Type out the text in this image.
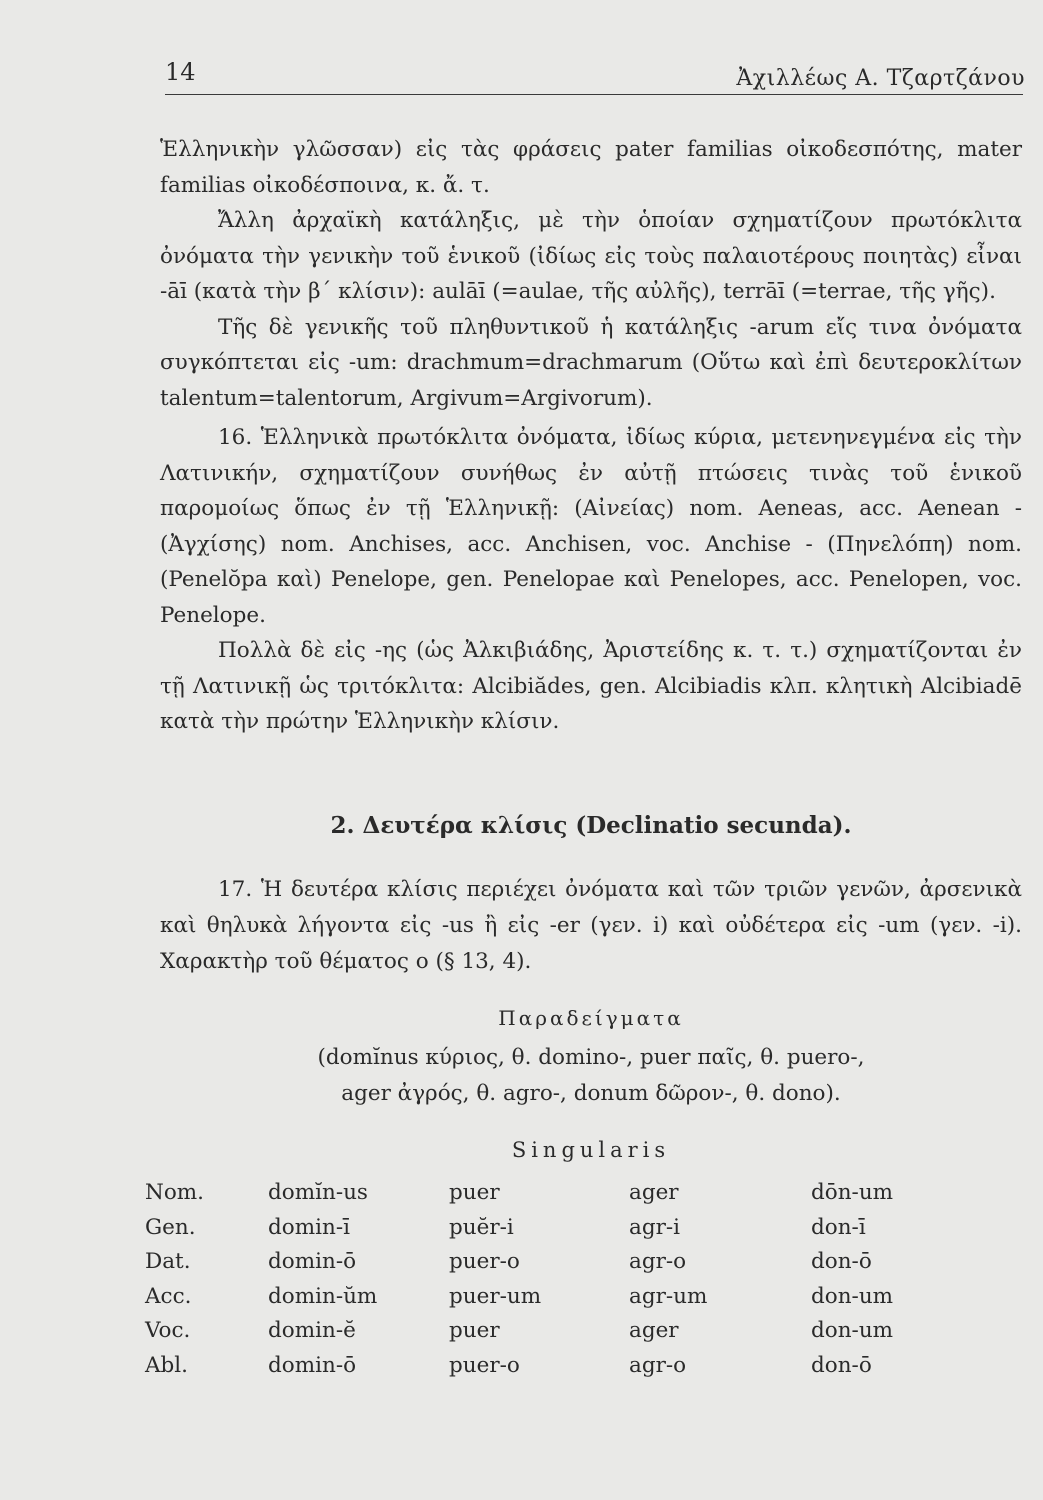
14	Ἀχιλλέως Α. Τζαρτζάνου

Ἑλληνικὴν γλῶσσαν) εἰς τὰς φράσεις pater familias οἰκοδεσπότης, mater familias οἰκοδέσποινα, κ. ἄ. τ.

Ἄλλη ἀρχαϊκὴ κατάληξις, μὲ τὴν ὁποίαν σχηματίζουν πρωτόκλιτα ὀνόματα τὴν γενικὴν τοῦ ἑνικοῦ (ἰδίως εἰς τοὺς παλαιοτέρους ποιητὰς) εἶναι -āī (κατὰ τὴν β΄ κλίσιν): aulāī (=aulae, τῆς αὐλῆς), terrāī (=terrae, τῆς γῆς).

Τῆς δὲ γενικῆς τοῦ πληθυντικοῦ ἡ κατάληξις -arum εἴς τινα ὀνόματα συγκόπτεται εἰς -um: drachmum=drachmarum (Οὕτω καὶ ἐπὶ δευτεροκλίτων talentum=talentorum, Argivum=Argivorum).

16. Ἑλληνικὰ πρωτόκλιτα ὀνόματα, ἰδίως κύρια, μετενηνεγμένα εἰς τὴν Λατινικήν, σχηματίζουν συνήθως ἐν αὐτῇ πτώσεις τινὰς τοῦ ἑνικοῦ παρομοίως ὅπως ἐν τῇ Ἑλληνικῇ: (Αἰνείας) nom. Aeneas, acc. Aenean - (Ἀγχίσης) nom. Anchises, acc. Anchisen, voc. Anchise - (Πηνελόπη) nom. (Penelŏpa καὶ) Penelope, gen. Penelopae καὶ Penelopes, acc. Penelopen, voc. Penelope.

Πολλὰ δὲ εἰς -ης (ὡς Ἀλκιβιάδης, Ἀριστείδης κ. τ. τ.) σχηματίζονται ἐν τῇ Λατινικῇ ὡς τριτόκλιτα: Alcibiădes, gen. Alcibiadis κλπ. κλητικὴ Alcibiadē κατὰ τὴν πρώτην Ἑλληνικὴν κλίσιν.

2. Δευτέρα κλίσις (Declinatio secunda).

17. Ἡ δευτέρα κλίσις περιέχει ὀνόματα καὶ τῶν τριῶν γενῶν, ἀρσενικὰ καὶ θηλυκὰ λήγοντα εἰς -us ἢ εἰς -er (γεν. i) καὶ οὐδέτερα εἰς -um (γεν. -i). Χαρακτὴρ τοῦ θέματος o (§ 13, 4).

Παραδείγματα
(domĭnus κύριος, θ. domino-, puer παῖς, θ. puero-,
ager ἀγρός, θ. agro-, donum δῶρον-, θ. dono).
Singularis
Nom.	domĭn-us	puer	ager	dōn-um
Gen.	domin-ī	puĕr-i	agr-i	don-ī
Dat.	domin-ō	puer-o	agr-o	don-ō
Acc.	domin-ŭm	puer-um	agr-um	don-um
Voc.	domin-ĕ	puer	ager	don-um
Abl.	domin-ō	puer-o	agr-o	don-ō
